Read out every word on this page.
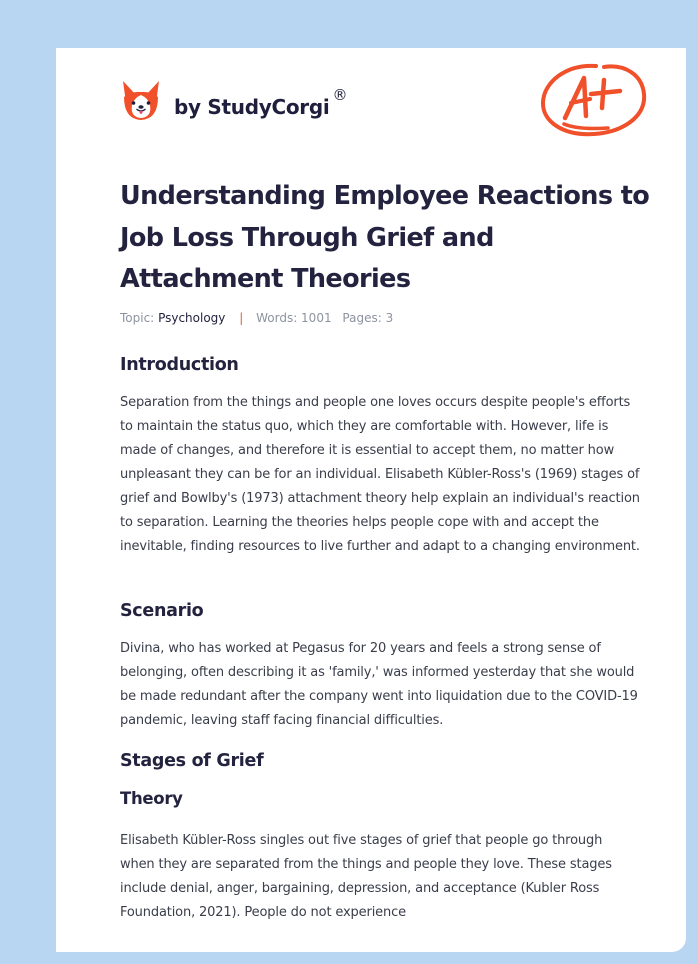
by StudyCorgi ®
Understanding Employee Reactions to Job Loss Through Grief and Attachment Theories
Topic: Psychology | Words: 1001 Pages: 3
Introduction

Separation from the things and people one loves occurs despite people's efforts to maintain the status quo, which they are comfortable with. However, life is made of changes, and therefore it is essential to accept them, no matter how unpleasant they can be for an individual. Elisabeth Kübler-Ross's (1969) stages of grief and Bowlby's (1973) attachment theory help explain an individual's reaction to separation. Learning the theories helps people cope with and accept the inevitable, finding resources to live further and adapt to a changing environment.

Scenario

Divina, who has worked at Pegasus for 20 years and feels a strong sense of belonging, often describing it as 'family,' was informed yesterday that she would be made redundant after the company went into liquidation due to the COVID-19 pandemic, leaving staff facing financial difficulties.

Stages of Grief
Theory

Elisabeth Kübler-Ross singles out five stages of grief that people go through when they are separated from the things and people they love. These stages include denial, anger, bargaining, depression, and acceptance (Kubler Ross Foundation, 2021). People do not experience
